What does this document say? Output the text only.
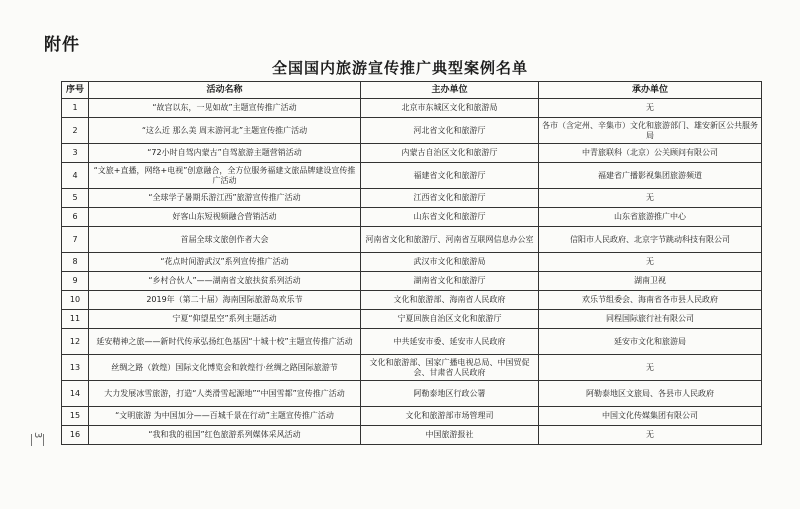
附件
全国国内旅游宣传推广典型案例名单
3
序号	活动名称	主办单位	承办单位
1	“故宫以东，一见如故”主题宣传推广活动	北京市东城区文化和旅游局	无
2	“这么近 那么美 周末游河北”主题宣传推广活动	河北省文化和旅游厅	各市（含定州、辛集市）文化和旅游部门、雄安新区公共服务局
3	“72小时自驾内蒙古”自驾旅游主题营销活动	内蒙古自治区文化和旅游厅	中青旅联科（北京）公关顾问有限公司
4	“文旅+直播，网络+电视”创意融合，全方位服务福建文旅品牌建设宣传推广活动	福建省文化和旅游厅	福建省广播影视集团旅游频道
5	“全球学子暑期乐游江西”旅游宣传推广活动	江西省文化和旅游厅	无
6	好客山东短视频融合营销活动	山东省文化和旅游厅	山东省旅游推广中心
7	首届全球文旅创作者大会	河南省文化和旅游厅、河南省互联网信息办公室	信阳市人民政府、北京字节跳动科技有限公司
8	“花点时间游武汉”系列宣传推广活动	武汉市文化和旅游局	无
9	“乡村合伙人”——湖南省文旅扶贫系列活动	湖南省文化和旅游厅	湖南卫视
10	2019年（第二十届）海南国际旅游岛欢乐节	文化和旅游部、海南省人民政府	欢乐节组委会、海南省各市县人民政府
11	宁夏“仰望星空”系列主题活动	宁夏回族自治区文化和旅游厅	同程国际旅行社有限公司
12	延安精神之旅——新时代传承弘扬红色基因“十城十校”主题宣传推广活动	中共延安市委、延安市人民政府	延安市文化和旅游局
13	丝绸之路（敦煌）国际文化博览会和敦煌行·丝绸之路国际旅游节	文化和旅游部、国家广播电视总局、中国贸促会、甘肃省人民政府	无
14	大力发展冰雪旅游，打造“人类滑雪起源地”“中国雪都”宣传推广活动	阿勒泰地区行政公署	阿勒泰地区文旅局、各县市人民政府
15	“文明旅游 为中国加分——百城千景在行动”主题宣传推广活动	文化和旅游部市场管理司	中国文化传媒集团有限公司
16	“我和我的祖国”红色旅游系列媒体采风活动	中国旅游报社	无
